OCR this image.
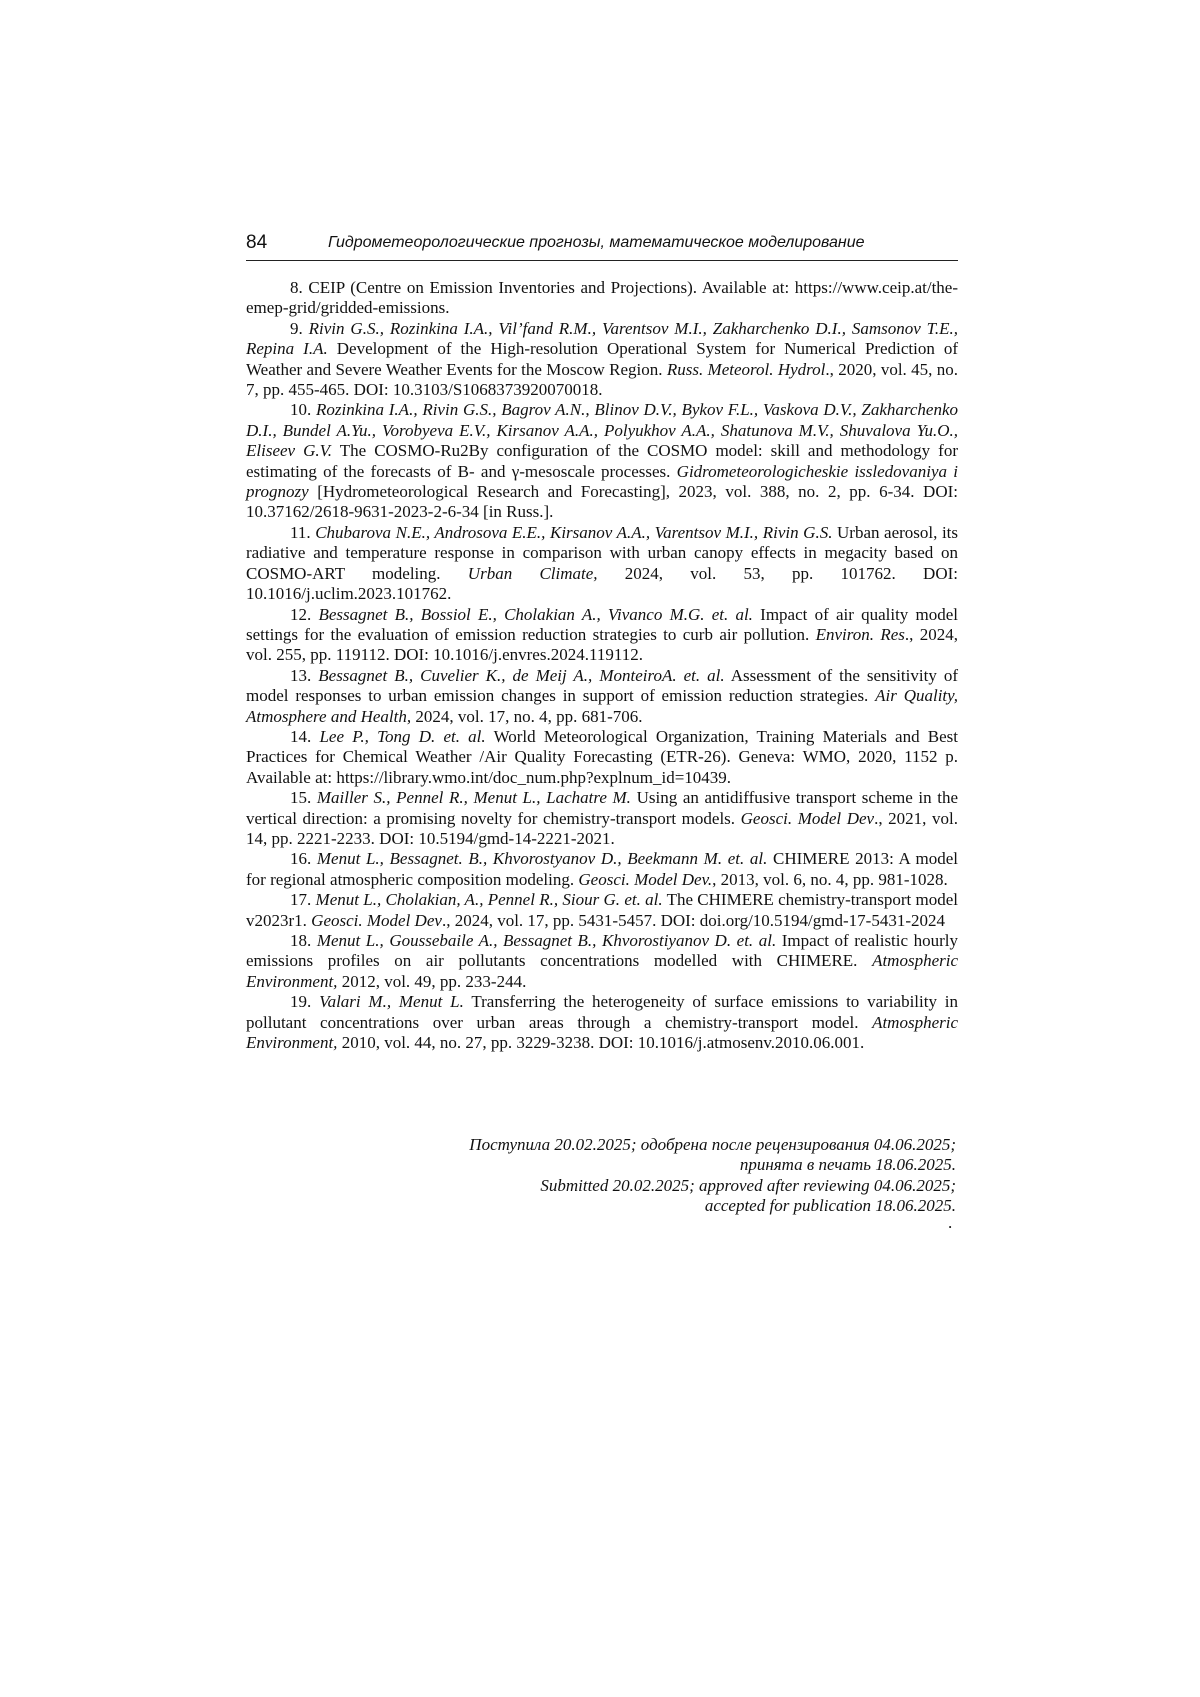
84	Гидрометеорологические прогнозы, математическое моделирование

8. CEIP (Centre on Emission Inventories and Projections). Available at: https://www.ceip.at/the-emep-grid/gridded-emissions.

9. Rivin G.S., Rozinkina I.A., Vil’fand R.M., Varentsov M.I., Zakharchenko D.I., Samsonov T.E., Repina I.A. Development of the High-resolution Operational System for Numerical Prediction of Weather and Severe Weather Events for the Moscow Region. Russ. Meteorol. Hydrol., 2020, vol. 45, no. 7, pp. 455-465. DOI: 10.3103/S1068373920070018.

10. Rozinkina I.A., Rivin G.S., Bagrov A.N., Blinov D.V., Bykov F.L., Vaskova D.V., Zakharchenko D.I., Bundel A.Yu., Vorobyeva E.V., Kirsanov A.A., Polyukhov A.A., Shatunova M.V., Shuvalova Yu.O., Eliseev G.V. The COSMO-Ru2By configuration of the COSMO model: skill and methodology for estimating of the forecasts of B- and γ-mesoscale processes. Gidrometeorologicheskie issledovaniya i prognozy [Hydrometeorological Research and Forecasting], 2023, vol. 388, no. 2, pp. 6-34. DOI: 10.37162/2618-9631-2023-2-6-34 [in Russ.].

11. Chubarova N.E., Androsova E.E., Kirsanov A.A., Varentsov M.I., Rivin G.S. Urban aerosol, its radiative and temperature response in comparison with urban canopy effects in megacity based on COSMO-ART modeling. Urban Climate, 2024, vol. 53, pp. 101762. DOI: 10.1016/j.uclim.2023.101762.

12. Bessagnet B., Bossiol E., Cholakian A., Vivanco M.G. et. al. Impact of air quality model settings for the evaluation of emission reduction strategies to curb air pollution. Environ. Res., 2024, vol. 255, pp. 119112. DOI: 10.1016/j.envres.2024.119112.

13. Bessagnet B., Cuvelier K., de Meij A., MonteiroA. et. al. Assessment of the sensitivity of model responses to urban emission changes in support of emission reduction strategies. Air Quality, Atmosphere and Health, 2024, vol. 17, no. 4, pp. 681-706.

14. Lee P., Tong D. et. al. World Meteorological Organization, Training Materials and Best Practices for Chemical Weather /Air Quality Forecasting (ETR-26). Geneva: WMO, 2020, 1152 p. Available at: https://library.wmo.int/doc_num.php?explnum_id=10439.

15. Mailler S., Pennel R., Menut L., Lachatre M. Using an antidiffusive transport scheme in the vertical direction: a promising novelty for chemistry-transport models. Geosci. Model Dev., 2021, vol. 14, pp. 2221-2233. DOI: 10.5194/gmd-14-2221-2021.

16. Menut L., Bessagnet. B., Khvorostyanov D., Beekmann M. et. al. CHIMERE 2013: A model for regional atmospheric composition modeling. Geosci. Model Dev., 2013, vol. 6, no. 4, pp. 981-1028.

17. Menut L., Cholakian, A., Pennel R., Siour G. et. al. The CHIMERE chemistry-transport model v2023r1. Geosci. Model Dev., 2024, vol. 17, pp. 5431-5457. DOI: doi.org/10.5194/gmd-17-5431-2024

18. Menut L., Goussebaile A., Bessagnet B., Khvorostiyanov D. et. al. Impact of realistic hourly emissions profiles on air pollutants concentrations modelled with CHIMERE. Atmospheric Environment, 2012, vol. 49, pp. 233-244.

19. Valari M., Menut L. Transferring the heterogeneity of surface emissions to variability in pollutant concentrations over urban areas through a chemistry-transport model. Atmospheric Environment, 2010, vol. 44, no. 27, pp. 3229-3238. DOI: 10.1016/j.atmosenv.2010.06.001.

Поступила 20.02.2025; одобрена после рецензирования 04.06.2025;
принята в печать 18.06.2025.
Submitted 20.02.2025; approved after reviewing 04.06.2025;
accepted for publication 18.06.2025.
.
